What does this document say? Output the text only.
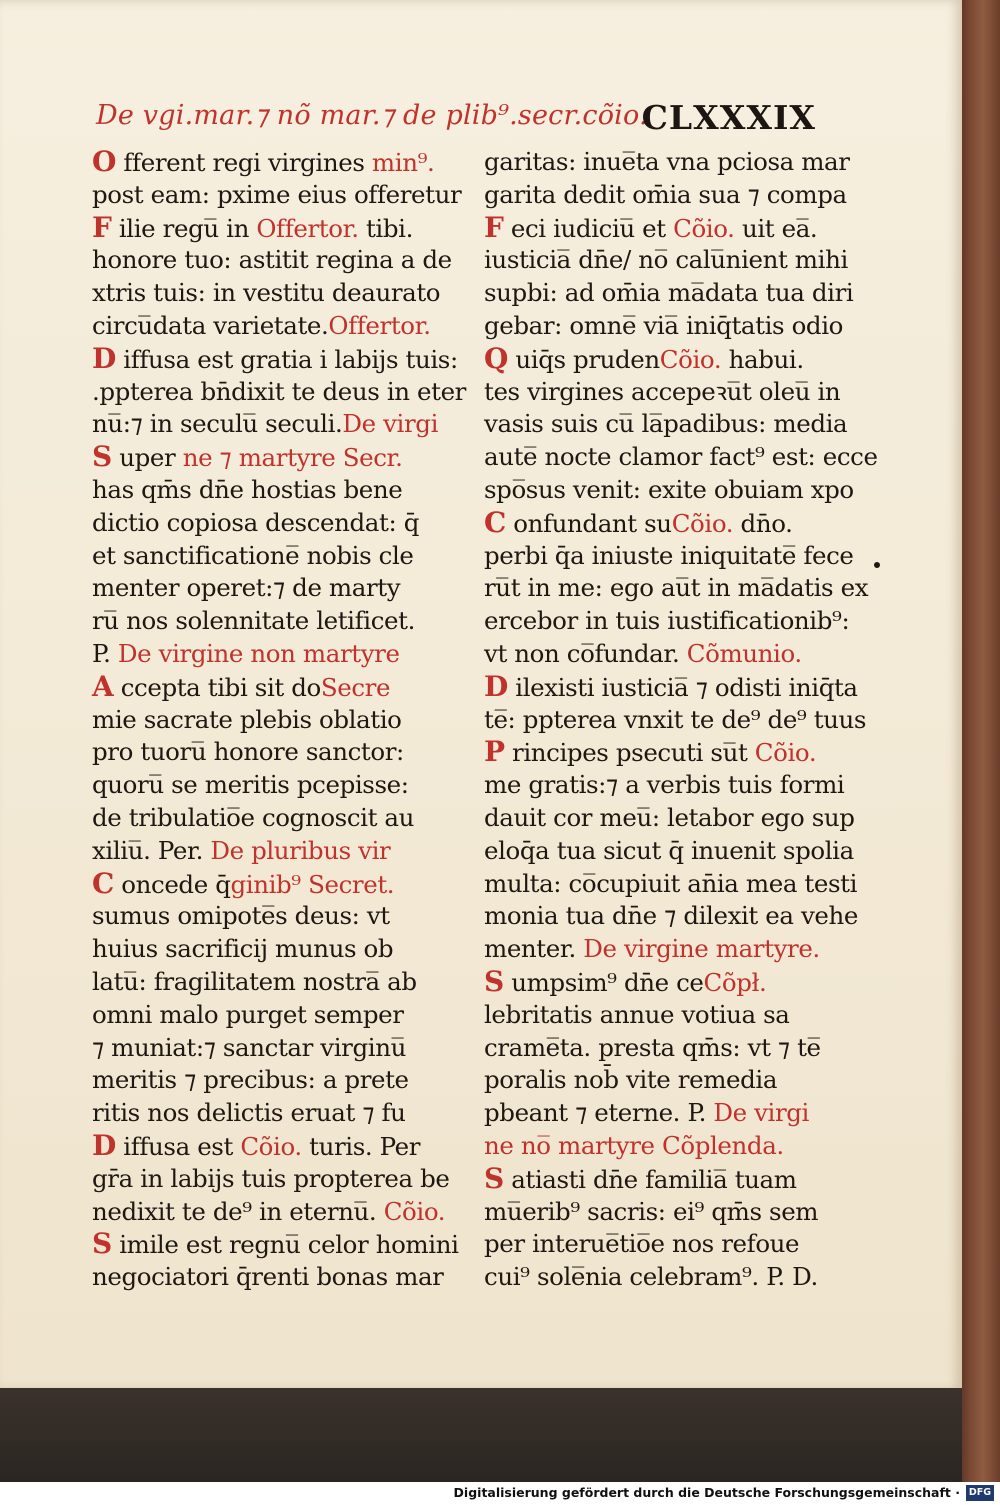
De vgi.mar.⁊ nõ mar.⁊ de plib⁹.secr.cõio.
CLXXXIX
O fferent regi virgines min⁹.
post eam: pxime eius offeretur
F ilie regu̅ in Offertor. tibi.
honore tuo: astitit regina a de
xtris tuis: in vestitu deaurato
circu̅data varietate.Offertor.
D iffusa est gratia i labijs tuis:
.ppterea bn̄dixit te deus in eter
nu̅:⁊ in seculu̅ seculi.De virgi
S uper ne ⁊ martyre Secr.
has qm̄s dn̄e hostias bene
dictio copiosa descendat: q̄
et sanctificatione̅ nobis cle
menter operet:⁊ de marty
ru̅ nos solennitate letificet.
P. De virgine non martyre
A ccepta tibi sit doSecre
mie sacrate plebis oblatio
pro tuoru̅ honore sanctor:
quoru̅ se meritis pcepisse:
de tribulatio̅e cognoscit au
xiliu̅. Per. De pluribus vir
C oncede q̄ginib⁹ Secret.
sumus omipote̅s deus: vt
huius sacrificij munus ob
latu̅: fragilitatem nostra̅ ab
omni malo purget semper
⁊ muniat:⁊ sanctar virginu̅
meritis ⁊ precibus: a prete
ritis nos delictis eruat ⁊ fu
D iffusa est Cõio. turis. Per
gr̄a in labijs tuis propterea be
nedixit te de⁹ in eternu̅. Cõio.
S imile est regnu̅ celor homini
negociatori q̄renti bonas mar
garitas: inue̅ta vna pciosa mar
garita dedit om̄ia sua ⁊ compa
F eci iudiciu̅ et Cõio. uit ea̅.
iusticia̅ dn̄e/ no̅ calu̅nient mihi
supbi: ad om̄ia ma̅data tua diri
gebar: omne̅ via̅ iniq̄tatis odio
Q uiq̄s prudenCõio. habui.
tes virgines accepeꝛu̅t oleu̅ in
vasis suis cu̅ la̅padibus: media
aute̅ nocte clamor fact⁹ est: ecce
spo̅sus venit: exite obuiam xpo
C onfundant suCõio. dn̄o.
perbi q̄a iniuste iniquitate̅ fece
ru̅t in me: ego au̅t in ma̅datis ex
ercebor in tuis iustificationib⁹:
vt non co̅fundar. Cõmunio.
D ilexisti iusticia̅ ⁊ odisti iniq̄ta
te̅: ppterea vnxit te de⁹ de⁹ tuus
P rincipes psecuti su̅t Cõio.
me gratis:⁊ a verbis tuis formi
dauit cor meu̅: letabor ego sup
eloq̄a tua sicut q̄ inuenit spolia
multa: co̅cupiuit an̄ia mea testi
monia tua dn̄e ⁊ dilexit ea vehe
menter. De virgine martyre.
S umpsim⁹ dn̄e ceCõpł.
lebritatis annue votiua sa
crame̅ta. presta qm̄s: vt ⁊ te̅
poralis nob̄ vite remedia
pbeant ⁊ eterne. P. De virgi
ne no̅ martyre Cõplenda.
S atiasti dn̄e familia̅ tuam
mu̅erib⁹ sacris: ei⁹ qm̄s sem
per interue̅tio̅e nos refoue
cui⁹ sole̅nia celebram⁹. P. D.
Digitalisierung gefördert durch die Deutsche Forschungsgemeinschaft · DFG
